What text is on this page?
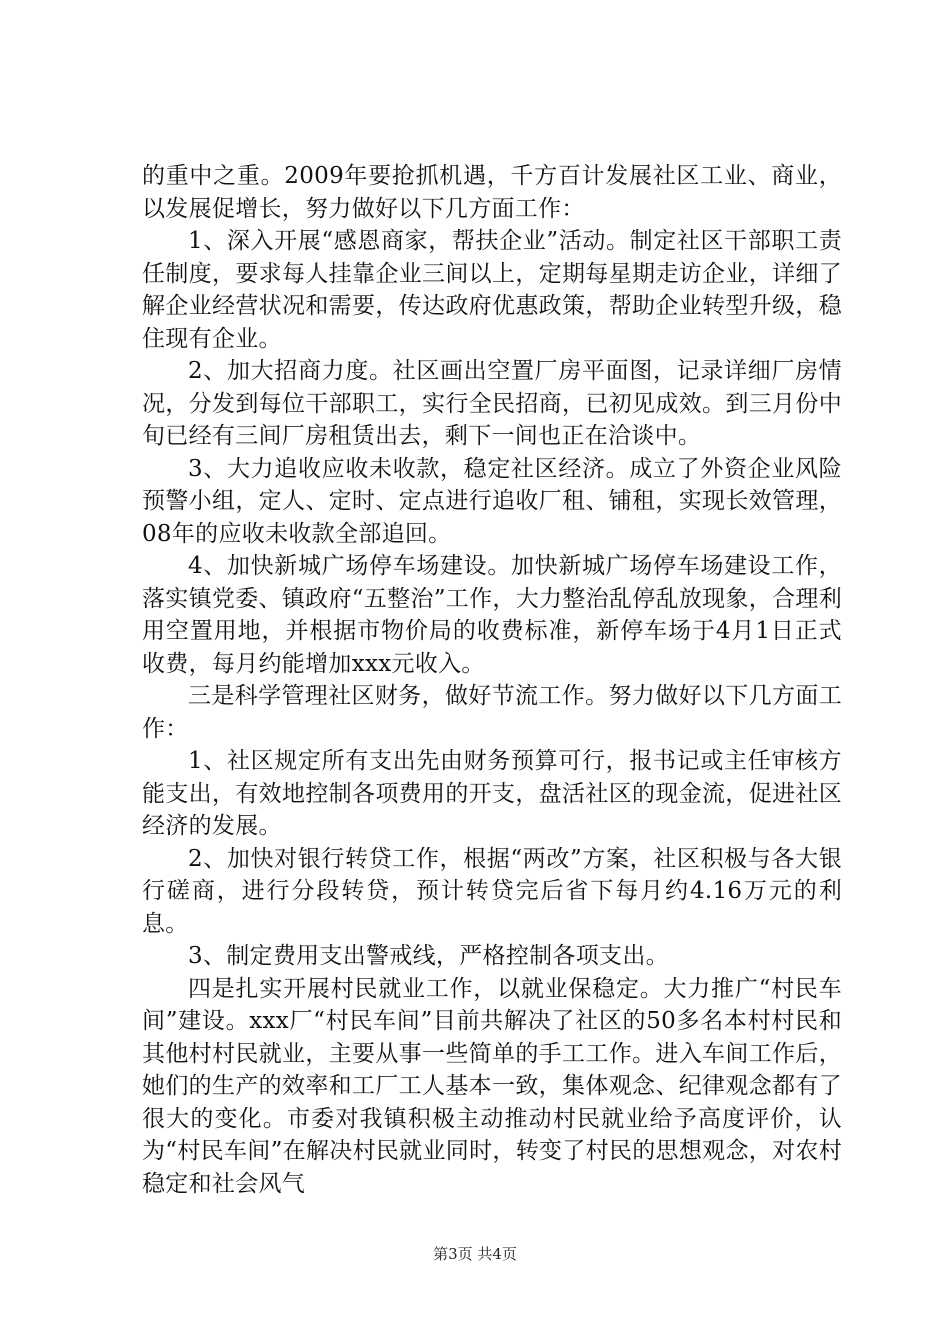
的重中之重。2009年要抢抓机遇，千方百计发展社区工业、商业，以发展促增长，努力做好以下几方面工作：

1、深入开展“感恩商家，帮扶企业”活动。制定社区干部职工责任制度，要求每人挂靠企业三间以上，定期每星期走访企业，详细了解企业经营状况和需要，传达政府优惠政策，帮助企业转型升级，稳住现有企业。

2、加大招商力度。社区画出空置厂房平面图，记录详细厂房情况，分发到每位干部职工，实行全民招商，已初见成效。到三月份中旬已经有三间厂房租赁出去，剩下一间也正在洽谈中。

3、大力追收应收未收款，稳定社区经济。成立了外资企业风险预警小组，定人、定时、定点进行追收厂租、铺租，实现长效管理，08年的应收未收款全部追回。

4、加快新城广场停车场建设。加快新城广场停车场建设工作，落实镇党委、镇政府“五整治”工作，大力整治乱停乱放现象，合理利用空置用地，并根据市物价局的收费标准，新停车场于4月1日正式收费，每月约能增加xxx元收入。

三是科学管理社区财务，做好节流工作。努力做好以下几方面工作：

1、社区规定所有支出先由财务预算可行，报书记或主任审核方能支出，有效地控制各项费用的开支，盘活社区的现金流，促进社区经济的发展。

2、加快对银行转贷工作，根据“两改”方案，社区积极与各大银行磋商，进行分段转贷，预计转贷完后省下每月约4.16万元的利息。

3、制定费用支出警戒线，严格控制各项支出。

四是扎实开展村民就业工作，以就业保稳定。大力推广“村民车间”建设。xxx厂“村民车间”目前共解决了社区的50多名本村村民和其他村村民就业，主要从事一些简单的手工工作。进入车间工作后，她们的生产的效率和工厂工人基本一致，集体观念、纪律观念都有了很大的变化。市委对我镇积极主动推动村民就业给予高度评价，认为“村民车间”在解决村民就业同时，转变了村民的思想观念，对农村稳定和社会风气

第3页 共4页
